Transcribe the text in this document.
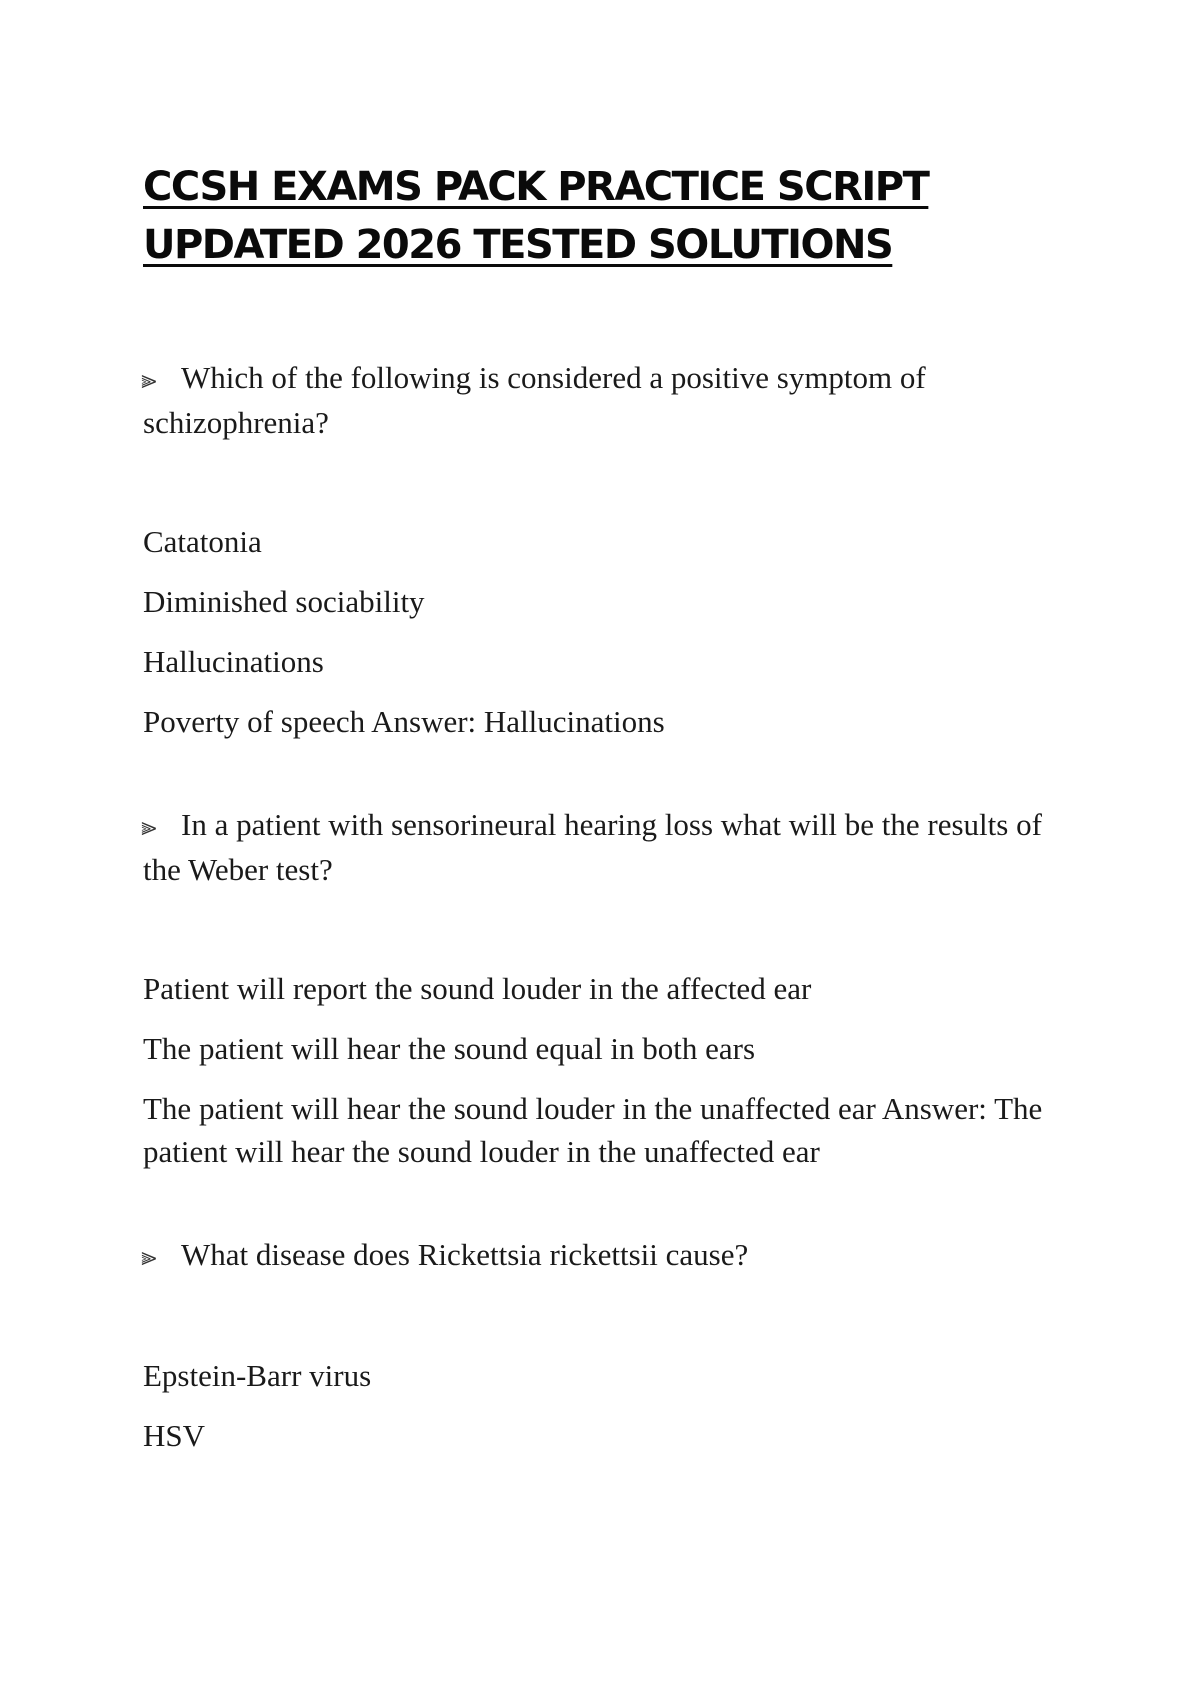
CCSH EXAMS PACK PRACTICE SCRIPT
UPDATED 2026 TESTED SOLUTIONS

⫸ Which of the following is considered a positive symptom of schizophrenia?

Catatonia

Diminished sociability

Hallucinations

Poverty of speech Answer: Hallucinations

⫸ In a patient with sensorineural hearing loss what will be the results of the Weber test?

Patient will report the sound louder in the affected ear

The patient will hear the sound equal in both ears

The patient will hear the sound louder in the unaffected ear Answer: The patient will hear the sound louder in the unaffected ear

⫸ What disease does Rickettsia rickettsii cause?

Epstein-Barr virus

HSV
